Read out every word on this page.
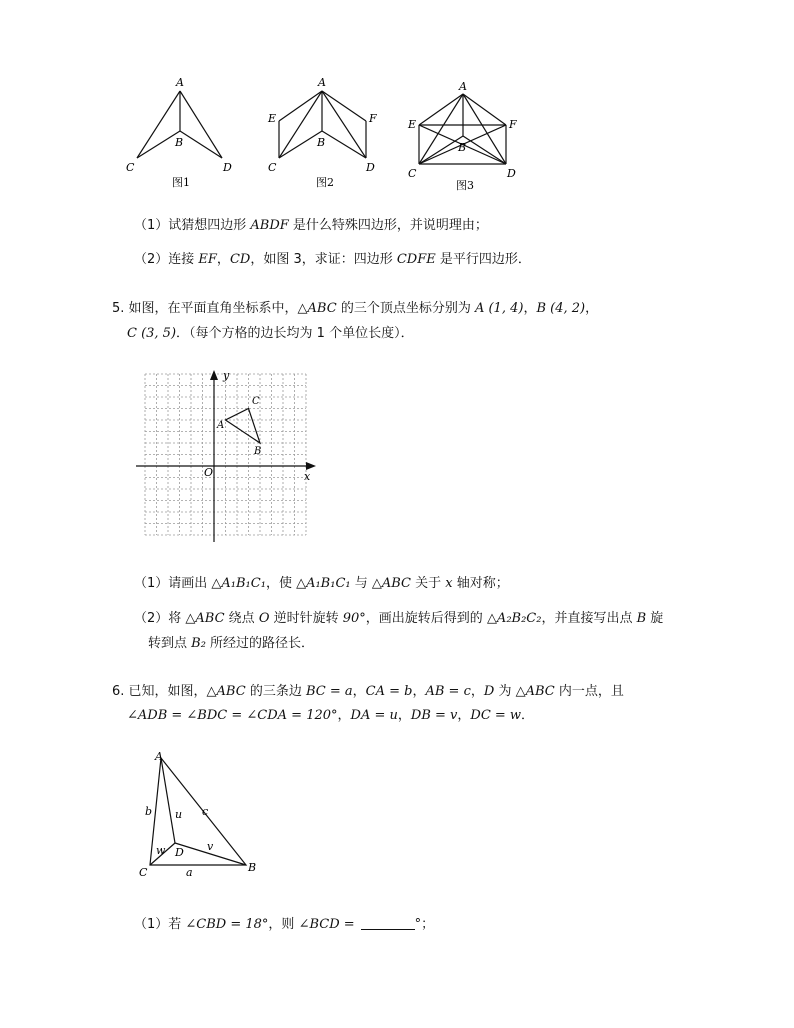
A
B
C	D
图1
A
E	F
B
C	D
图2
A
E	F
B
C	D
图3
（1）试猜想四边形 ABDF 是什么特殊四边形，并说明理由；
（2）连接 EF，CD，如图 3，求证：四边形 CDFE 是平行四边形．
5. 如图，在平面直角坐标系中，△ABC 的三个顶点坐标分别为 A (1, 4)，B (4, 2)，
C (3, 5)．（每个方格的边长均为 1 个单位长度）．
x
y
O
A
B
C
（1）请画出 △A₁B₁C₁，使 △A₁B₁C₁ 与 △ABC 关于 x 轴对称；
（2）将 △ABC 绕点 O 逆时针旋转 90°，画出旋转后得到的 △A₂B₂C₂，并直接写出点 B 旋
转到点 B₂ 所经过的路径长．
6. 已知，如图，△ABC 的三条边 BC = a，CA = b，AB = c，D 为 △ABC 内一点，且
∠ADB = ∠BDC = ∠CDA = 120°，DA = u，DB = v，DC = w．
A
B
C
D
a
b	c
u
v
w
（1）若 ∠CBD = 18°，则 ∠BCD =	°；
